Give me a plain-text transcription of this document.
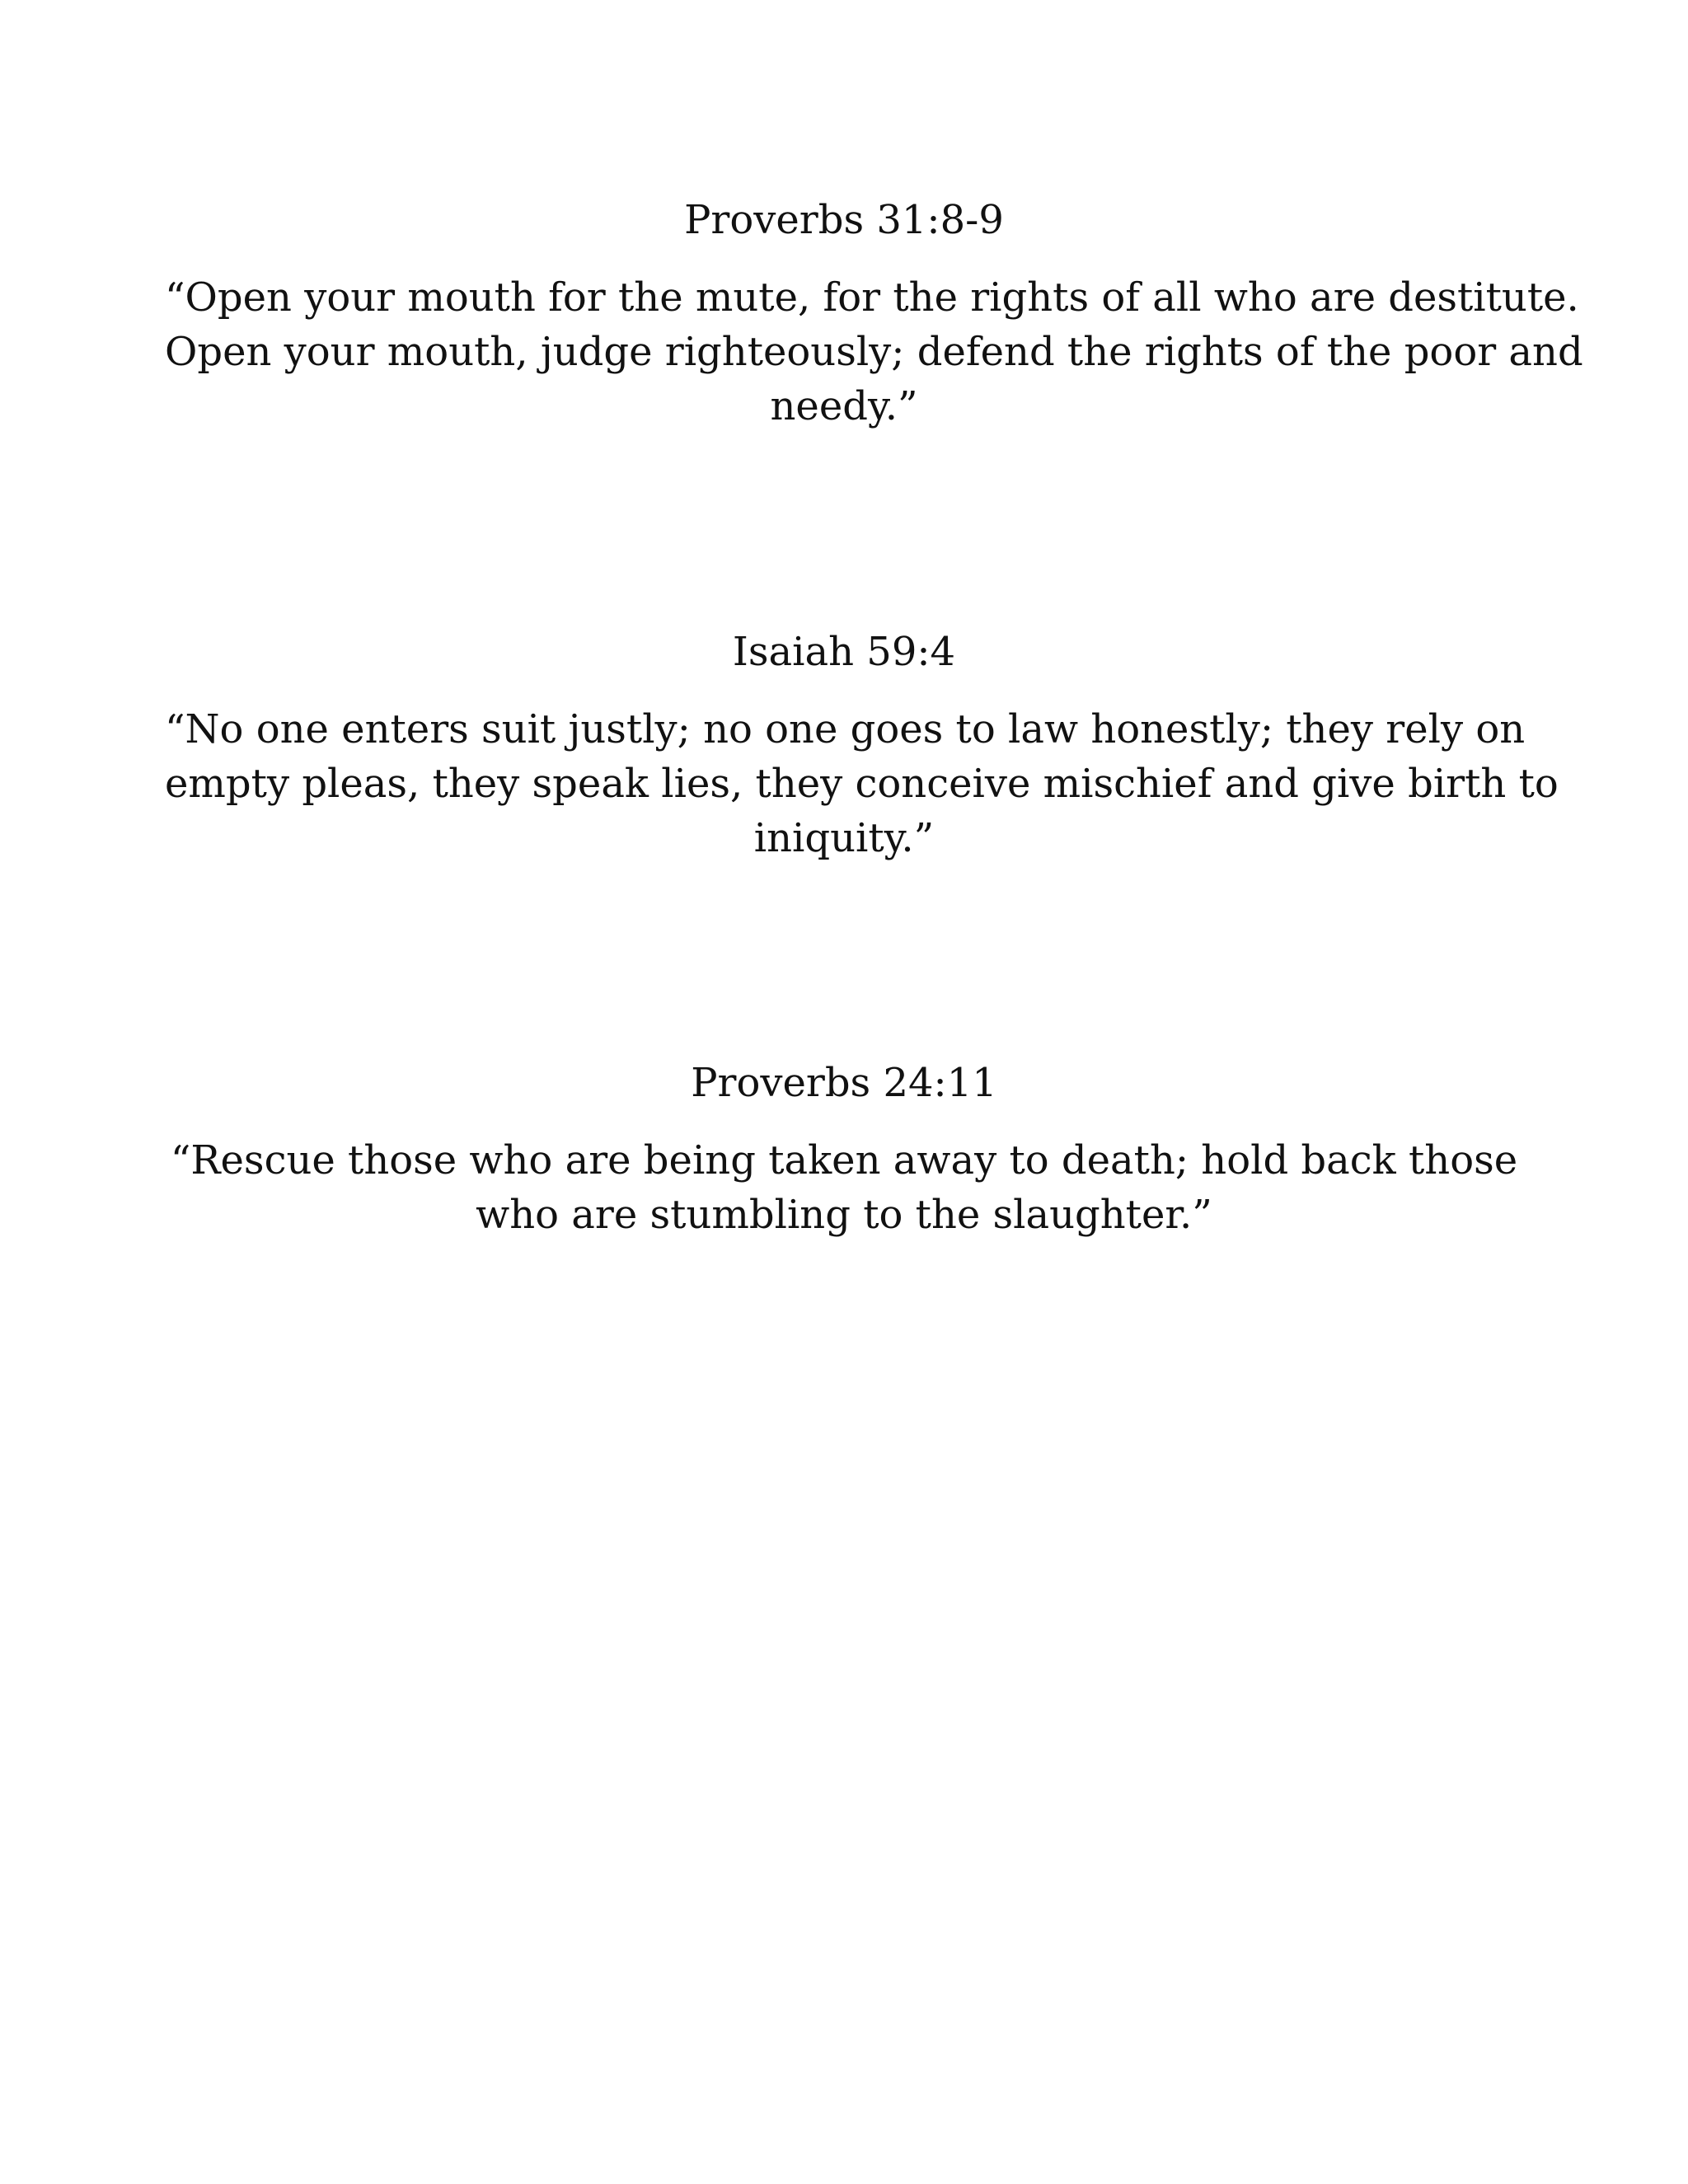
Proverbs 31:8-9

“Open your mouth for the mute, for the rights of all who are destitute.
Open your mouth, judge righteously; defend the rights of the poor and
needy.”

Isaiah 59:4

“No one enters suit justly; no one goes to law honestly; they rely on
empty pleas, they speak lies, they conceive mischief and give birth to
iniquity.”

Proverbs 24:11

“Rescue those who are being taken away to death; hold back those
who are stumbling to the slaughter.”
